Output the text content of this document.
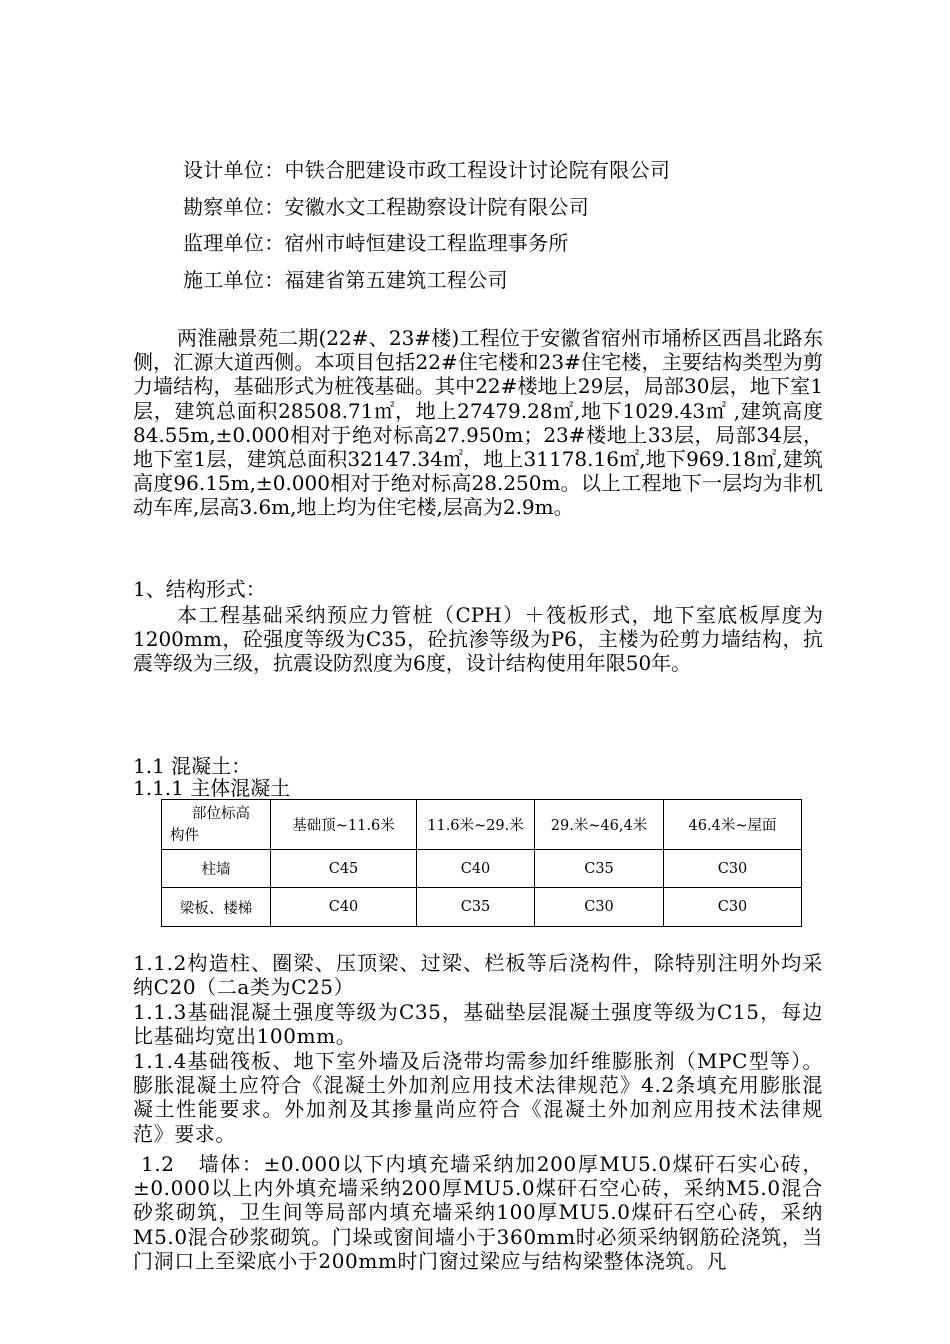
设计单位：中铁合肥建设市政工程设计讨论院有限公司
勘察单位：安徽水文工程勘察设计院有限公司
监理单位：宿州市峙恒建设工程监理事务所
施工单位：福建省第五建筑工程公司
两淮融景苑二期(22#、23#楼)工程位于安徽省宿州市埇桥区西昌北路东侧，汇源大道西侧。本项目包括22#住宅楼和23#住宅楼，主要结构类型为剪力墙结构，基础形式为桩筏基础。其中22#楼地上29层，局部30层，地下室1层，建筑总面积28508.71㎡，地上27479.28㎡,地下1029.43㎡ ,建筑高度84.55m,±0.000相对于绝对标高27.950m；23#楼地上33层，局部34层，地下室1层，建筑总面积32147.34㎡，地上31178.16㎡,地下969.18㎡,建筑高度96.15m,±0.000相对于绝对标高28.250m。以上工程地下一层均为非机动车库,层高3.6m,地上均为住宅楼,层高为2.9m。
1、结构形式：
本工程基础采纳预应力管桩（CPH）＋筏板形式，地下室底板厚度为1200mm，砼强度等级为C35，砼抗渗等级为P6，主楼为砼剪力墙结构，抗震等级为三级，抗震设防烈度为6度，设计结构使用年限50年。
1.1 混凝土：
1.1.1 主体混凝土
部位标高
构件	基础顶~11.6米	11.6米~29.米	29.米~46,4米	46.4米~屋面
柱墙	C45	C40	C35	C30
梁板、楼梯	C40	C35	C30	C30
1.1.2构造柱、圈梁、压顶梁、过梁、栏板等后浇构件，除特别注明外均采纳C20（二a类为C25）
1.1.3基础混凝土强度等级为C35，基础垫层混凝土强度等级为C15，每边比基础均宽出100mm。
1.1.4基础筏板、地下室外墙及后浇带均需参加纤维膨胀剂（MPC型等）。膨胀混凝土应符合《混凝土外加剂应用技术法律规范》4.2条填充用膨胀混凝土性能要求。外加剂及其掺量尚应符合《混凝土外加剂应用技术法律规范》要求。
1.2   墙体：±0.000以下内填充墙采纳加200厚MU5.0煤矸石实心砖，±0.000以上内外填充墙采纳200厚MU5.0煤矸石空心砖，采纳M5.0混合砂浆砌筑，卫生间等局部内填充墙采纳100厚MU5.0煤矸石空心砖，采纳M5.0混合砂浆砌筑。门垛或窗间墙小于360mm时必须采纳钢筋砼浇筑，当门洞口上至梁底小于200mm时门窗过梁应与结构梁整体浇筑。凡
